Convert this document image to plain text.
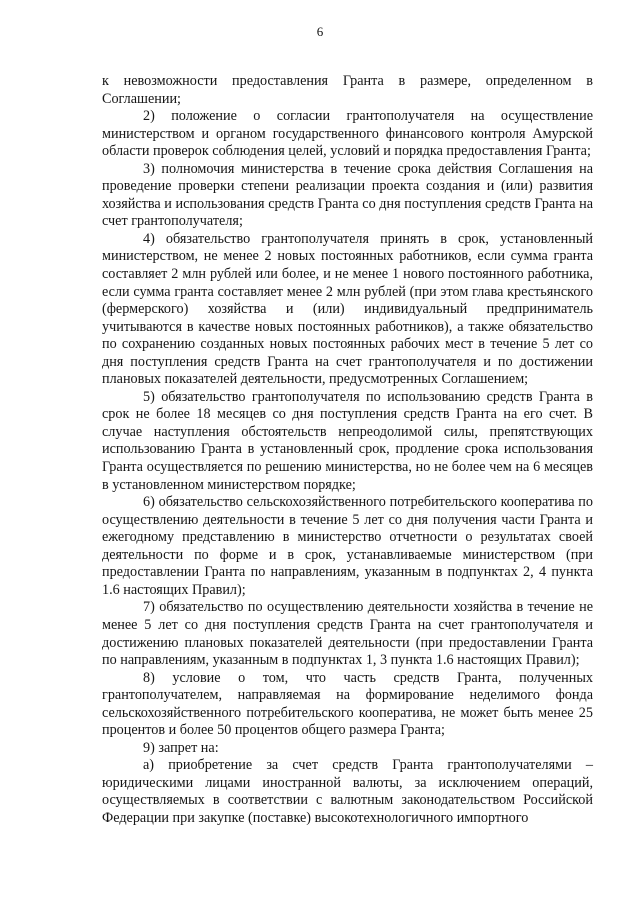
6

к невозможности предоставления Гранта в размере, определенном в Соглашении;

2) положение о согласии грантополучателя на осуществление министерством и органом государственного финансового контроля Амурской области проверок соблюдения целей, условий и порядка предоставления Гранта;

3) полномочия министерства в течение срока действия Соглашения на проведение проверки степени реализации проекта создания и (или) развития хозяйства и использования средств Гранта со дня поступления средств Гранта на счет грантополучателя;

4) обязательство грантополучателя принять в срок, установленный министерством, не менее 2 новых постоянных работников, если сумма гранта составляет 2 млн рублей или более, и не менее 1 нового постоянного работника, если сумма гранта составляет менее 2 млн рублей (при этом глава крестьянского (фермерского) хозяйства и (или) индивидуальный предприниматель учитываются в качестве новых постоянных работников), а также обязательство по сохранению созданных новых постоянных рабочих мест в течение 5 лет со дня поступления средств Гранта на счет грантополучателя и по достижении плановых показателей деятельности, предусмотренных Соглашением;

5) обязательство грантополучателя по использованию средств Гранта в срок не более 18 месяцев со дня поступления средств Гранта на его счет. В случае наступления обстоятельств непреодолимой силы, препятствующих использованию Гранта в установленный срок, продление срока использования Гранта осуществляется по решению министерства, но не более чем на 6 месяцев в установленном министерством порядке;

6) обязательство сельскохозяйственного потребительского кооператива по осуществлению деятельности в течение 5 лет со дня получения части Гранта и ежегодному представлению в министерство отчетности о результатах своей деятельности по форме и в срок, устанавливаемые министерством (при предоставлении Гранта по направлениям, указанным в подпунктах 2, 4 пункта 1.6 настоящих Правил);

7) обязательство по осуществлению деятельности хозяйства в течение не менее 5 лет со дня поступления средств Гранта на счет грантополучателя и достижению плановых показателей деятельности (при предоставлении Гранта по направлениям, указанным в подпунктах 1, 3 пункта 1.6 настоящих Правил);

8) условие о том, что часть средств Гранта, полученных грантополучателем, направляемая на формирование неделимого фонда сельскохозяйственного потребительского кооператива, не может быть менее 25 процентов и более 50 процентов общего размера Гранта;

9) запрет на:

а) приобретение за счет средств Гранта грантополучателями – юридическими лицами иностранной валюты, за исключением операций, осуществляемых в соответствии с валютным законодательством Российской Федерации при закупке (поставке) высокотехнологичного импортного
